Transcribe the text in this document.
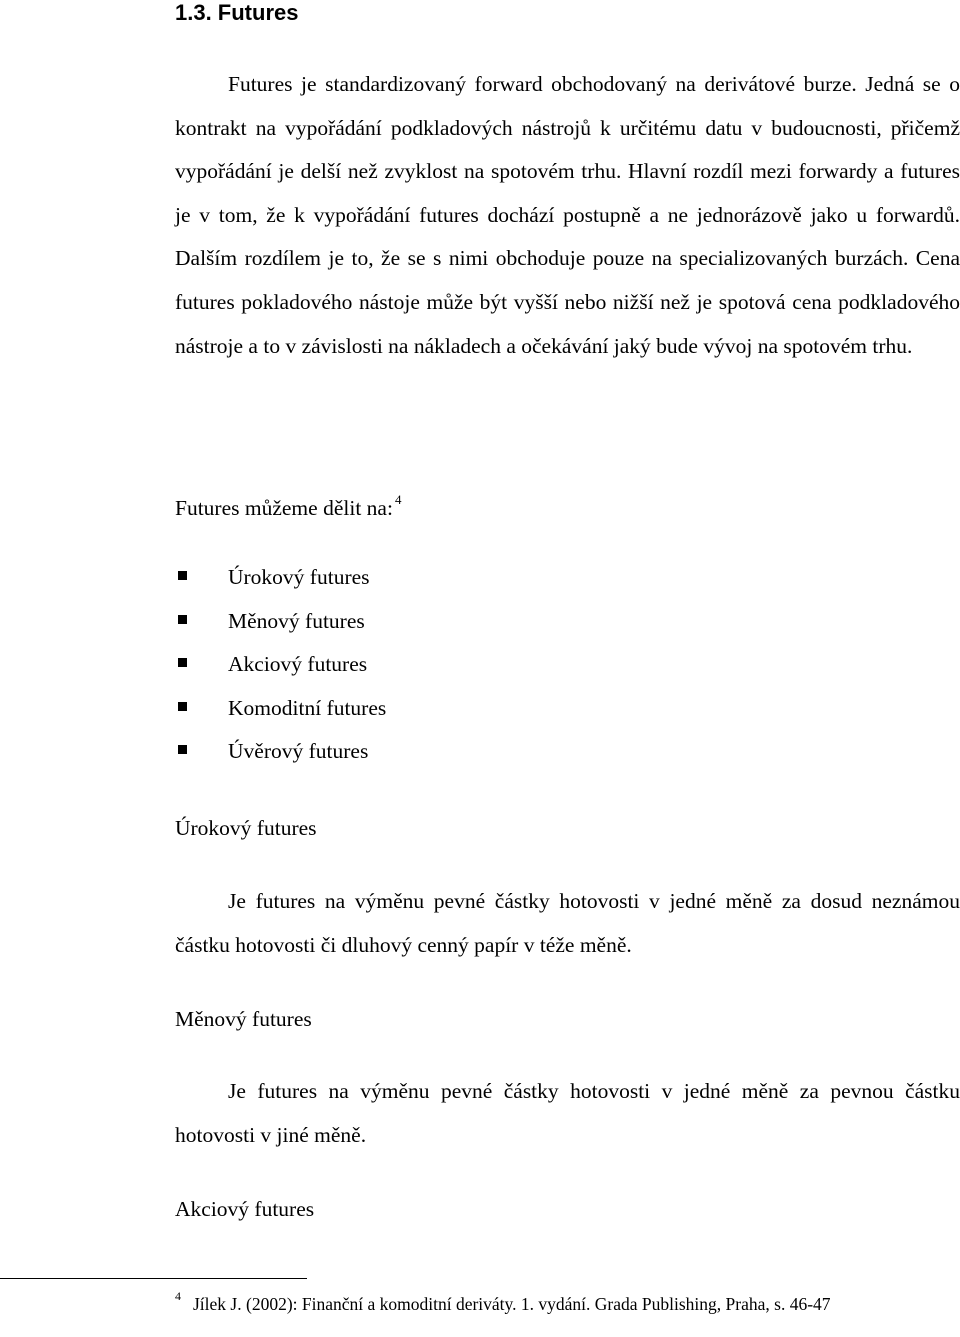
1.3. Futures

Futures je standardizovaný forward obchodovaný na derivátové burze. Jedná se o kontrakt na vypořádání podkladových nástrojů k určitému datu v budoucnosti, přičemž vypořádání je delší než zvyklost na spotovém trhu. Hlavní rozdíl mezi forwardy a futures je v tom, že k vypořádání futures dochází postupně a ne jednorázově jako u forwardů. Dalším rozdílem je to, že se s nimi obchoduje pouze na specializovaných burzách. Cena futures pokladového nástoje může být vyšší nebo nižší než je spotová cena podkladového nástroje a to v závislosti na nákladech a očekávání jaký bude vývoj na spotovém trhu.

Futures můžeme dělit na: $^4$
Úrokový futures
Měnový futures
Akciový futures
Komoditní futures
Úvěrový futures
Úrokový futures

Je futures na výměnu pevné částky hotovosti v jedné měně za dosud neznámou částku hotovosti či dluhový cenný papír v téže měně.

Měnový futures

Je futures na výměnu pevné částky hotovosti v jedné měně za pevnou částku hotovosti v jiné měně.

Akciový futures
4 Jílek J. (2002): Finanční a komoditní deriváty. 1. vydání. Grada Publishing, Praha, s. 46-47
